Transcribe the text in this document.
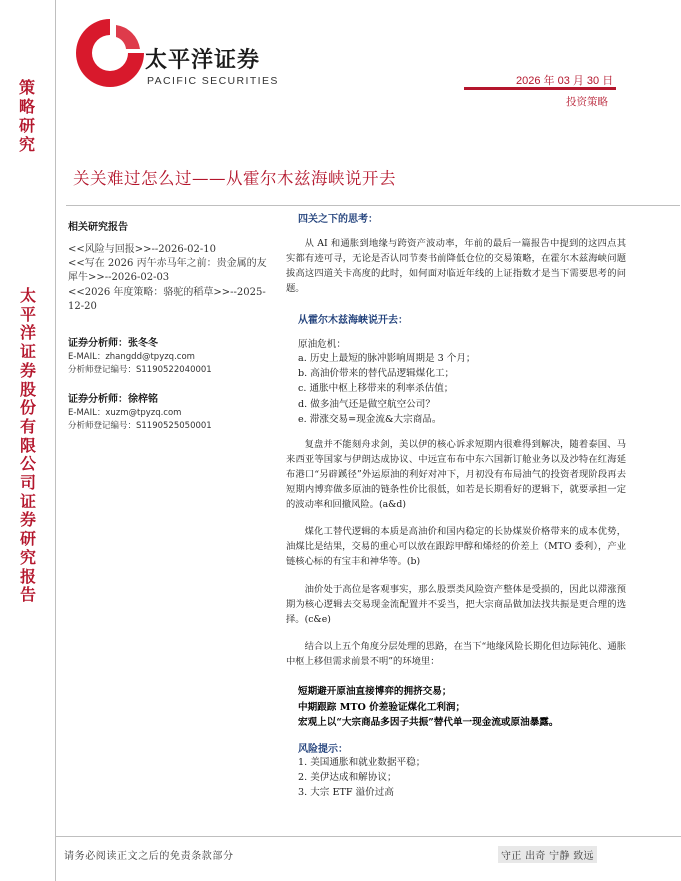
策略研究
太平洋证券股份有限公司证券研究报告
太平洋证券
PACIFIC SECURITIES	2026 年 03 月 30 日
投资策略
关关难过怎么过——从霍尔木兹海峡说开去
相关研究报告
<<风险与回报>>--2026-02-10
<<写在 2026 丙午赤马年之前：贵金属的友犀牛>>--2026-02-03
<<2026 年度策略：骆驼的稻草>>--2025-12-20
证券分析师：张冬冬
E-MAIL：zhangdd@tpyzq.com
分析师登记编号：S1190522040001
证券分析师：徐梓铭
E-MAIL：xuzm@tpyzq.com
分析师登记编号：S1190525050001
四关之下的思考：
从 AI 和通胀到地缘与跨资产波动率，年前的最后一篇报告中提到的这四点其实都有迹可寻，无论是否认同节奏书前降低仓位的交易策略，在霍尔木兹海峡问题拔高这四道关卡高度的此时，如何面对临近年线的上证指数才是当下需要思考的问题。
从霍尔木兹海峡说开去：
原油危机：
a. 历史上最短的脉冲影响周期是 3 个月；
b. 高油价带来的替代品逻辑煤化工；
c. 通胀中枢上移带来的利率杀估值；
d. 做多油气还是做空航空公司？
e. 滞涨交易=现金流&大宗商品。
复盘并不能刻舟求剑，美以伊的核心诉求短期内很难得到解决，随着泰国、马来西亚等国家与伊朗达成协议、中远宣布布中东六国新订舱业务以及沙特在红海延布港口“另辟蹊径”外运原油的利好对冲下，月初没有布局油气的投资者现阶段再去短期内博弈做多原油的链条性价比很低，如若是长期看好的逻辑下，就要承担一定的波动率和回撤风险。(a&d)
煤化工替代逻辑的本质是高油价和国内稳定的长协煤炭价格带来的成本优势，油煤比是结果，交易的重心可以放在跟踪甲醇和烯烃的价差上（MTO 委利），产业链核心标的有宝丰和神华等。(b)
油价处于高位是客观事实，那么股票类风险资产整体是受损的，因此以滞涨预期为核心逻辑去交易现金流配置并不妥当，把大宗商品做加法找共振是更合理的选择。(c&e)
结合以上五个角度分层处理的思路，在当下“地缘风险长期化但边际钝化、通胀中枢上移但需求前景不明”的环境里：
短期避开原油直接博弈的拥挤交易；
中期跟踪 MTO 价差验证煤化工利润；
宏观上以“大宗商品多因子共振”替代单一现金流或原油暴露。
风险提示：
1. 美国通胀和就业数据平稳；
2. 美伊达成和解协议；
3. 大宗 ETF 溢价过高
请务必阅读正文之后的免责条款部分	守正 出奇 宁静 致远
